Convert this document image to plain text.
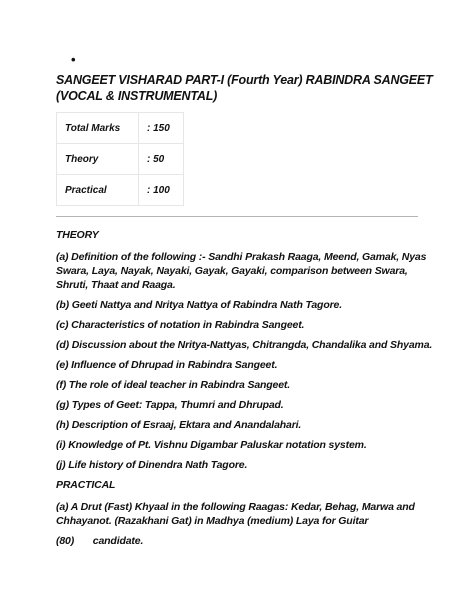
•
SANGEET VISHARAD PART-I (Fourth Year) RABINDRA SANGEET (VOCAL & INSTRUMENTAL)
Total Marks	: 150
Theory	: 50
Practical	: 100

THEORY

(a) Definition of the following :- Sandhi Prakash Raaga, Meend, Gamak, Nyas Swara, Laya, Nayak, Nayaki, Gayak, Gayaki, comparison between Swara, Shruti, Thaat and Raaga.

(b) Geeti Nattya and Nritya Nattya of Rabindra Nath Tagore.

(c) Characteristics of notation in Rabindra Sangeet.

(d) Discussion about the Nritya-Nattyas, Chitrangda, Chandalika and Shyama.

(e) Influence of Dhrupad in Rabindra Sangeet.

(f) The role of ideal teacher in Rabindra Sangeet.

(g) Types of Geet: Tappa, Thumri and Dhrupad.

(h) Description of Esraaj, Ektara and Anandalahari.

(i) Knowledge of Pt. Vishnu Digambar Paluskar notation system.

(j) Life history of Dinendra Nath Tagore.

PRACTICAL

(a) A Drut (Fast) Khyaal in the following Raagas: Kedar, Behag, Marwa and Chhayanot. (Razakhani Gat) in Madhya (medium) Laya for Guitar

(80) candidate.
